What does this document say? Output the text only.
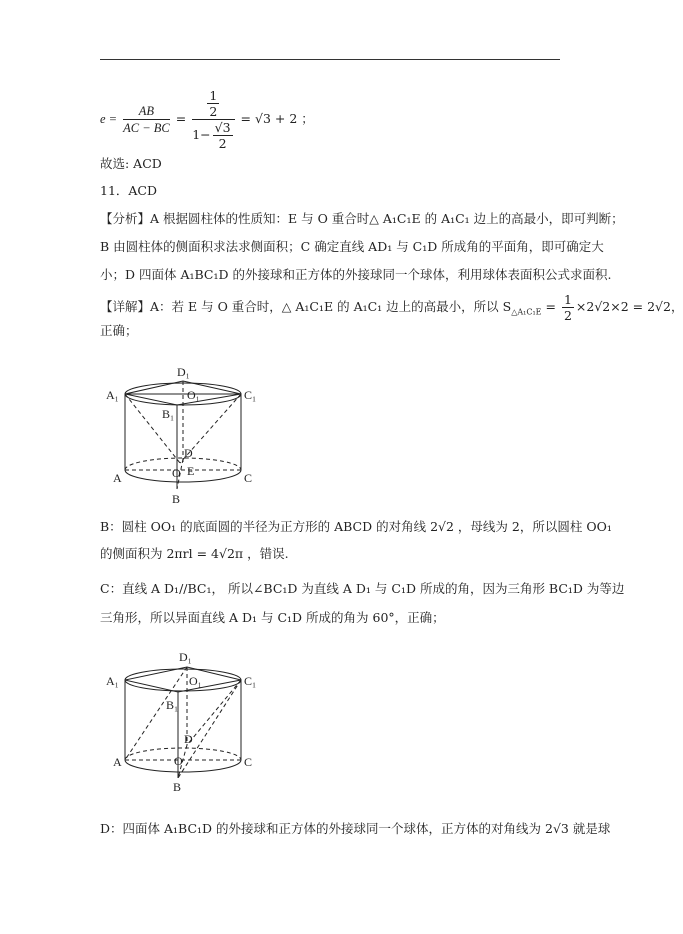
$e = \frac{AB}{AC - BC} = \frac{\frac{1}{2}}{1- \frac{√3}{2}} = √3 + 2$ ；
故选: ACD
11．ACD
【分析】A 根据圆柱体的性质知：E 与 O 重合时△ A₁C₁E 的 A₁C₁ 边上的高最小，即可判断；
B 由圆柱体的侧面积求法求侧面积；C 确定直线 AD₁ 与 C₁D 所成角的平面角，即可确定大
小；D 四面体 A₁BC₁D 的外接球和正方体的外接球同一个球体，利用球体表面积公式求面积.
【详解】A：若 E 与 O 重合时，△ A₁C₁E 的 A₁C₁ 边上的高最小，所以 $S_{\triangle A_1C_1E} = \frac{1}{2} \times 2√2\times 2 = 2√2$，
正确；
D₁
A₁	O₁	C₁
B₁
D
O E
A	C
B
B：圆柱 OO₁ 的底面圆的半径为正方形的 ABCD 的对角线 2√2 ，母线为 2，所以圆柱 OO₁
的侧面积为 2πrl = 4√2π ，错误.
C：直线 A D₁//BC₁， 所以∠BC₁D 为直线 A D₁ 与 C₁D 所成的角，因为三角形 BC₁D 为等边
三角形，所以异面直线 A D₁ 与 C₁D 所成的角为 60°，正确；
D₁
A₁	O₁	C₁
B₁
D
O
A	C
B
D：四面体 A₁BC₁D 的外接球和正方体的外接球同一个球体，正方体的对角线为 2√3 就是球
